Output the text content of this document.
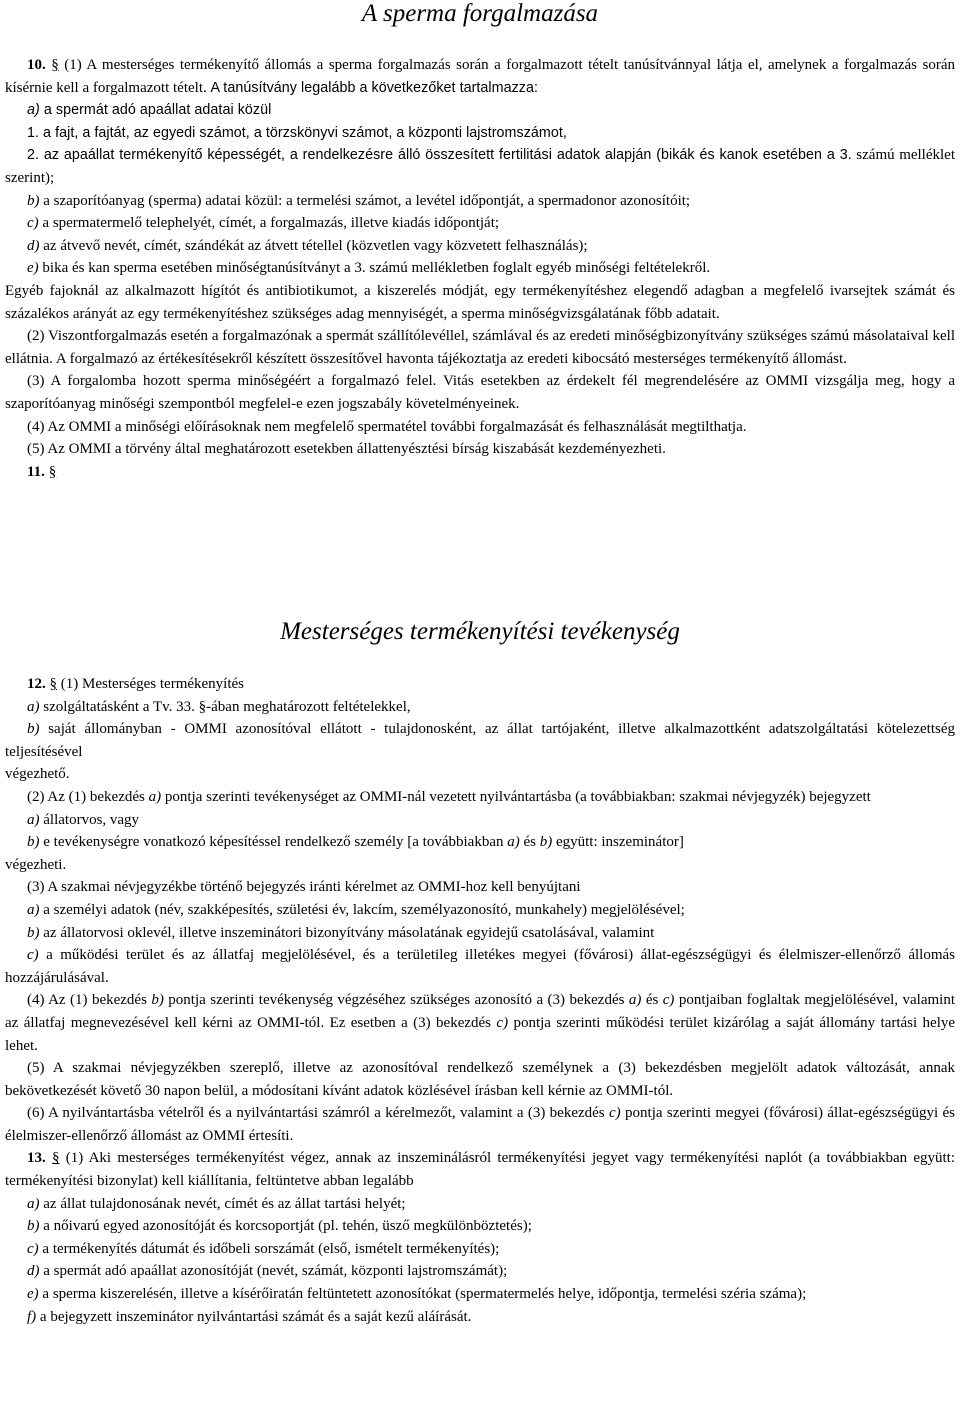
A sperma forgalmazása

10. § (1) A mesterséges termékenyítő állomás a sperma forgalmazás során a forgalmazott tételt tanúsítvánnyal látja el, amelynek a forgalmazás során kísérnie kell a forgalmazott tételt. A tanúsítvány legalább a következőket tartalmazza:

a) a spermát adó apaállat adatai közül

1. a fajt, a fajtát, az egyedi számot, a törzskönyvi számot, a központi lajstromszámot,

2. az apaállat termékenyítő képességét, a rendelkezésre álló összesített fertilitási adatok alapján (bikák és kanok esetében a 3. számú melléklet szerint);

b) a szaporítóanyag (sperma) adatai közül: a termelési számot, a levétel időpontját, a spermadonor azonosítóit;

c) a spermatermelő telephelyét, címét, a forgalmazás, illetve kiadás időpontját;

d) az átvevő nevét, címét, szándékát az átvett tétellel (közvetlen vagy közvetett felhasználás);

e) bika és kan sperma esetében minőségtanúsítványt a 3. számú mellékletben foglalt egyéb minőségi feltételekről.

Egyéb fajoknál az alkalmazott hígítót és antibiotikumot, a kiszerelés módját, egy termékenyítéshez elegendő adagban a megfelelő ivarsejtek számát és százalékos arányát az egy termékenyítéshez szükséges adag mennyiségét, a sperma minőségvizsgálatának főbb adatait.

(2) Viszontforgalmazás esetén a forgalmazónak a spermát szállítólevéllel, számlával és az eredeti minőségbizonyítvány szükséges számú másolataival kell ellátnia. A forgalmazó az értékesítésekről készített összesítővel havonta tájékoztatja az eredeti kibocsátó mesterséges termékenyítő állomást.

(3) A forgalomba hozott sperma minőségéért a forgalmazó felel. Vitás esetekben az érdekelt fél megrendelésére az OMMI vizsgálja meg, hogy a szaporítóanyag minőségi szempontból megfelel-e ezen jogszabály követelményeinek.

(4) Az OMMI a minőségi előírásoknak nem megfelelő spermatétel további forgalmazását és felhasználását megtilthatja.

(5) Az OMMI a törvény által meghatározott esetekben állattenyésztési bírság kiszabását kezdeményezheti.

11. §

Mesterséges termékenyítési tevékenység

12. § (1) Mesterséges termékenyítés

a) szolgáltatásként a Tv. 33. §-ában meghatározott feltételekkel,

b) saját állományban - OMMI azonosítóval ellátott - tulajdonosként, az állat tartójaként, illetve alkalmazottként adatszolgáltatási kötelezettség teljesítésével

végezhető.

(2) Az (1) bekezdés a) pontja szerinti tevékenységet az OMMI-nál vezetett nyilvántartásba (a továbbiakban: szakmai névjegyzék) bejegyzett

a) állatorvos, vagy

b) e tevékenységre vonatkozó képesítéssel rendelkező személy [a továbbiakban a) és b) együtt: inszeminátor]

végezheti.

(3) A szakmai névjegyzékbe történő bejegyzés iránti kérelmet az OMMI-hoz kell benyújtani

a) a személyi adatok (név, szakképesítés, születési év, lakcím, személyazonosító, munkahely) megjelölésével;

b) az állatorvosi oklevél, illetve inszeminátori bizonyítvány másolatának egyidejű csatolásával, valamint

c) a működési terület és az állatfaj megjelölésével, és a területileg illetékes megyei (fővárosi) állat-egészségügyi és élelmiszer-ellenőrző állomás hozzájárulásával.

(4) Az (1) bekezdés b) pontja szerinti tevékenység végzéséhez szükséges azonosító a (3) bekezdés a) és c) pontjaiban foglaltak megjelölésével, valamint az állatfaj megnevezésével kell kérni az OMMI-tól. Ez esetben a (3) bekezdés c) pontja szerinti működési terület kizárólag a saját állomány tartási helye lehet.

(5) A szakmai névjegyzékben szereplő, illetve az azonosítóval rendelkező személynek a (3) bekezdésben megjelölt adatok változását, annak bekövetkezését követő 30 napon belül, a módosítani kívánt adatok közlésével írásban kell kérnie az OMMI-tól.

(6) A nyilvántartásba vételről és a nyilvántartási számról a kérelmezőt, valamint a (3) bekezdés c) pontja szerinti megyei (fővárosi) állat-egészségügyi és élelmiszer-ellenőrző állomást az OMMI értesíti.

13. § (1) Aki mesterséges termékenyítést végez, annak az inszeminálásról termékenyítési jegyet vagy termékenyítési naplót (a továbbiakban együtt: termékenyítési bizonylat) kell kiállítania, feltüntetve abban legalább

a) az állat tulajdonosának nevét, címét és az állat tartási helyét;

b) a nőivarú egyed azonosítóját és korcsoportját (pl. tehén, üsző megkülönböztetés);

c) a termékenyítés dátumát és időbeli sorszámát (első, ismételt termékenyítés);

d) a spermát adó apaállat azonosítóját (nevét, számát, központi lajstromszámát);

e) a sperma kiszerelésén, illetve a kísérőiratán feltüntetett azonosítókat (spermatermelés helye, időpontja, termelési széria száma);

f) a bejegyzett inszeminátor nyilvántartási számát és a saját kezű aláírását.
